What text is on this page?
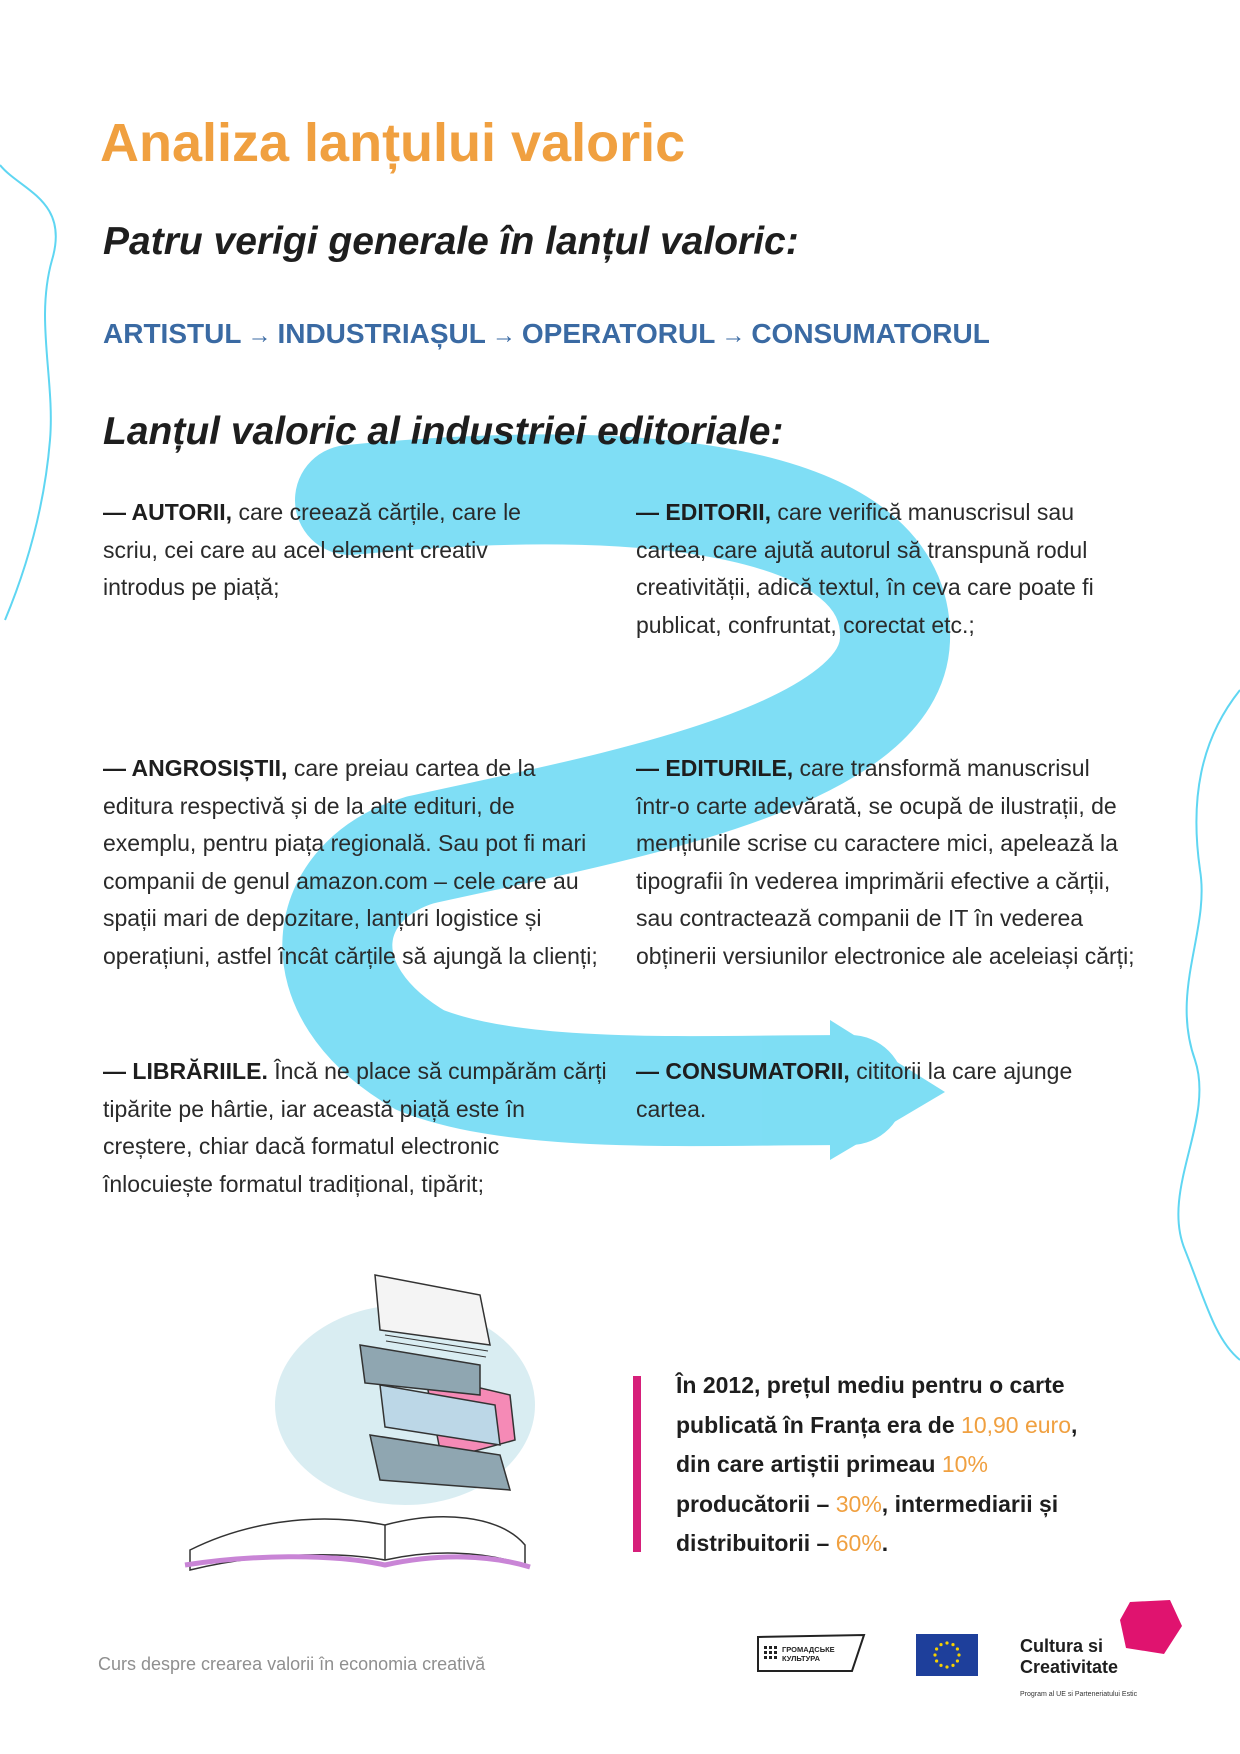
Analiza lanțului valoric
Patru verigi generale în lanțul valoric:
ARTISTUL → INDUSTRIAȘUL → OPERATORUL → CONSUMATORUL
Lanțul valoric al industriei editoriale:

— AUTORII, care creează cărțile, care le scriu, cei care au acel element creativ introdus pe piață;

— EDITORII, care verifică manuscrisul sau cartea, care ajută autorul să transpună rodul creativității, adică textul, în ceva care poate fi publicat, confruntat, corectat etc.;

— ANGROSIȘTII, care preiau cartea de la editura respectivă și de la alte edituri, de exemplu, pentru piața regională. Sau pot fi mari companii de genul amazon.com – cele care au spații mari de depozitare, lanțuri logistice și operațiuni, astfel încât cărțile să ajungă la clienți;

— EDITURILE, care transformă manuscrisul într-o carte adevărată, se ocupă de ilustrații, de mențiunile scrise cu caractere mici, apelează la tipografii în vederea imprimării efective a cărții, sau contractează companii de IT în vederea obținerii versiunilor electronice ale aceleiași cărți;

— LIBRĂRIILE. Încă ne place să cumpărăm cărți tipărite pe hârtie, iar această piață este în creștere, chiar dacă formatul electronic înlocuiește formatul tradițional, tipărit;

— CONSUMATORII, cititorii la care ajunge cartea.

În 2012, prețul mediu pentru o carte publicată în Franța era de 10,90 euro, din care artiștii primeau 10% producătorii – 30%, intermediarii și distribuitorii – 60%.
Curs despre crearea valorii în economia creativă
ГРОМАДСЬКЕ
КУЛЬТУРА
Cultura si
Creativitate
Program al UE si Parteneriatului Estic
